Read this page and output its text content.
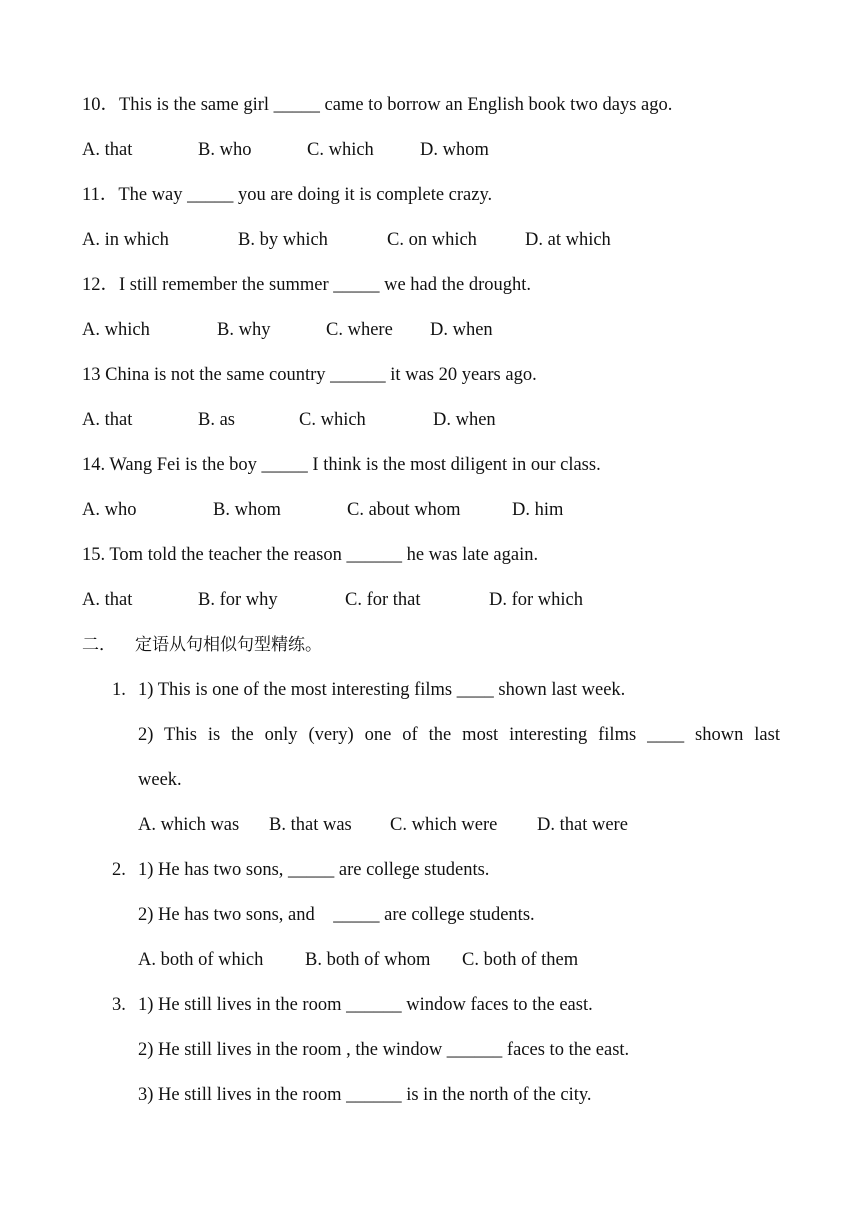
10．This is the same girl _____ came to borrow an English book two days ago.
A. that	B. who	C. which D. whom
11．The way _____ you are doing it is complete crazy.
A. in which	B. by which	C. on which	D. at which
12．I still remember the summer _____ we had the drought.
A. which	B. why	C. where D. when
13 China is not the same country ______ it was 20 years ago.
A. that	B. as	C. which	D. when
14. Wang Fei is the boy _____ I think is the most diligent in our class.
A. who	B. whom	C. about whom	D. him
15. Tom told the teacher the reason ______ he was late again.
A. that	B. for why	C. for that	D. for which
二． 定语从句相似句型精练。
1. 1) This is one of the most interesting films ____ shown last week.
2) This is the only (very) one of the most interesting films ____ shown last
week.
A. which was B. that was C. which were D. that were
2. 1) He has two sons, _____ are college students.
2) He has two sons, and    _____ are college students.
A. both of which B. both of whom C. both of them
3. 1) He still lives in the room ______ window faces to the east.
2) He still lives in the room , the window ______ faces to the east.
3) He still lives in the room ______ is in the north of the city.
